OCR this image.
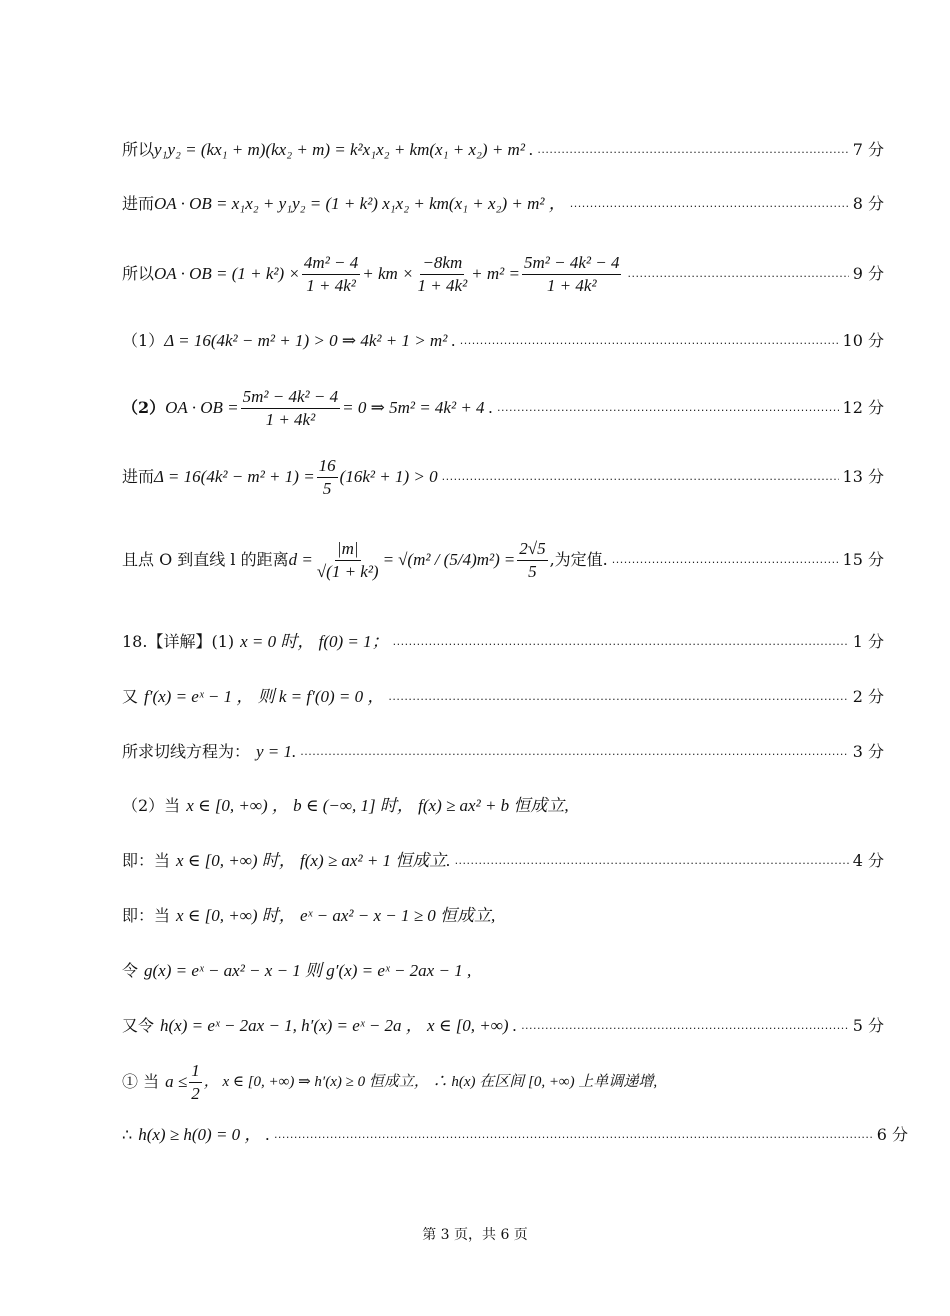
所以 y₁y₂ = (kx₁ + m)(kx₂ + m) = k²x₁x₂ + km(x₁ + x₂) + m² . ·····	7 分
进而 OA · OB = x₁x₂ + y₁y₂ = (1 + k²) x₁x₂ + km(x₁ + x₂) + m² ， ·····	8 分
所以 OA · OB = $(1 + k^2) \times \frac{\text{4m² − 4}}{\text{1 + 4k²}}$ + km × $\frac{-8km}{\text{1 + 4k²}} + m^2 = \frac{\text{5m² − 4k² − 4}}{\text{1 + 4k²}}$ ·····	9 分
（1） Δ = 16(4k² − m² + 1) > 0 ⇒ 4k² + 1 > m² . ·····	10 分
（2） OA · OB = $\frac{\text{5m² − 4k² − 4}}{\text{1 + 4k²}} = 0$ ⇒ 5m² = 4k² + 4 . ·····	12 分
进而 $\Delta = 16(4k^2 - m^2 + 1) = \frac{16}{5} (16k^2 + 1) > 0$ ·····	13 分
且点 O 到直线 l 的距离 $d = \frac{|m|}{\text{√(1 + k²)}} = √(m^2 / (5/4)m^2) = \frac{2√5}{5}$ ,为定值. ·····	15 分
18.【详解】(1) x = 0 时， f(0) = 1； ·····	1 分
又 f′(x) = eˣ − 1 ， 则 k = f′(0) = 0 ， ·····	2 分
所求切线方程为： y = 1. ·····	3 分
（2）当 x ∈ [0, +∞) ， b ∈ (−∞, 1] 时， f(x) ≥ ax² + b 恒成立,
即：当 x ∈ [0, +∞) 时， f(x) ≥ ax² + 1 恒成立. ·····	4 分
即：当 x ∈ [0, +∞) 时， eˣ − ax² − x − 1 ≥ 0 恒成立,
令 g(x) = eˣ − ax² − x − 1 则 g′(x) = eˣ − 2ax − 1 ,
又令 h(x) = eˣ − 2ax − 1, h′(x) = eˣ − 2a ， x ∈ [0, +∞) . ·····	5 分
① 当 $a \le \frac{1}{2}$ ， x ∈ [0, +∞) ⇒ h′(x) ≥ 0 恒成立， ∴ h(x) 在区间 [0, +∞) 上单调递增,
∴ h(x) ≥ h(0) = 0 ， . ·····	6 分
第 3 页，共 6 页
